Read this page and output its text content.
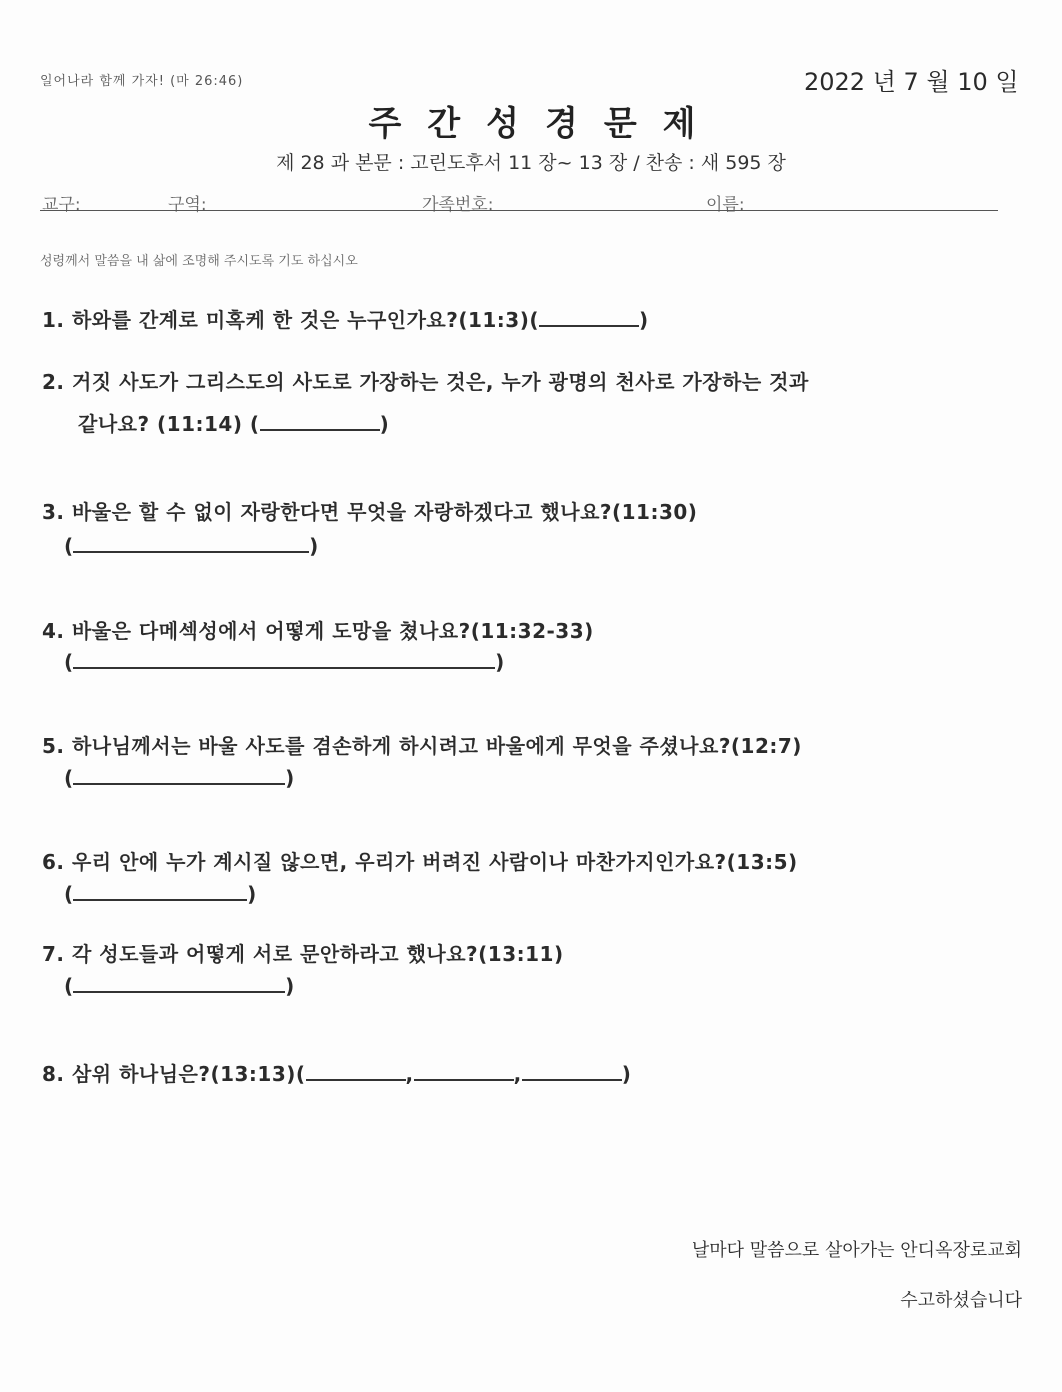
일어나라 함께 가자! (마 26:46)	2022 년 7 월 10 일
주간성경문제
제 28 과 본문 : 고린도후서 11 장~ 13 장 / 찬송 : 새 595 장
교구:	구역:	가족번호:	이름:
성령께서 말씀을 내 삶에 조명해 주시도록 기도 하십시오
1. 하와를 간계로 미혹케 한 것은 누구인가요?(11:3)(	)
2. 거짓 사도가 그리스도의 사도로 가장하는 것은, 누가 광명의 천사로 가장하는 것과
같나요? (11:14) (	)
3. 바울은 할 수 없이 자랑한다면 무엇을 자랑하겠다고 했나요?(11:30)
(	)
4. 바울은 다메섹성에서 어떻게 도망을 쳤나요?(11:32-33)
(	)
5. 하나님께서는 바울 사도를 겸손하게 하시려고 바울에게 무엇을 주셨나요?(12:7)
(	)
6. 우리 안에 누가 계시질 않으면, 우리가 버려진 사람이나 마찬가지인가요?(13:5)
(	)
7. 각 성도들과 어떻게 서로 문안하라고 했나요?(13:11)
(	)
8. 삼위 하나님은?(13:13)(	,	,	)
날마다 말씀으로 살아가는 안디옥장로교회
수고하셨습니다
